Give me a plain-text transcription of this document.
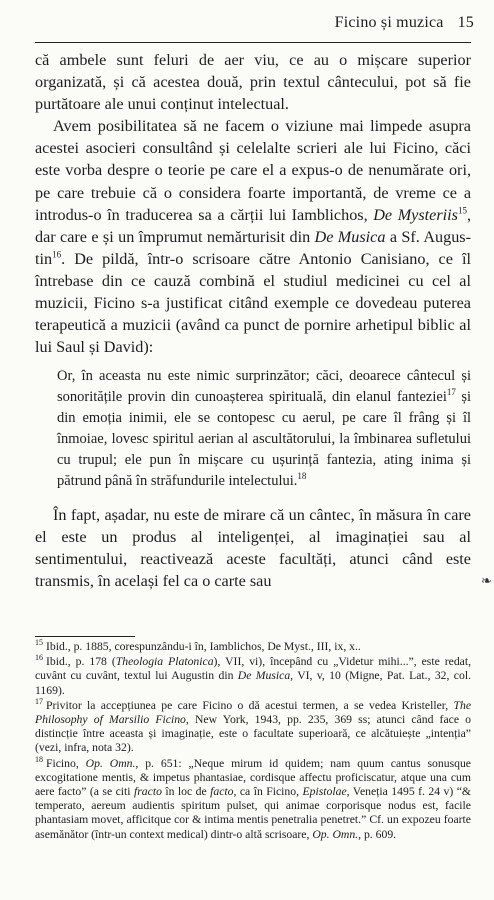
Ficino și muzica 15

că ambele sunt feluri de aer viu, ce au o mișcare superior organizată, și că acestea două, prin textul cântecului, pot să fie purtătoare ale unui conținut intelectual.

Avem posibilitatea să ne facem o viziune mai limpede asupra acestei asocieri consultând și celelalte scrieri ale lui Ficino, căci este vorba despre o teorie pe care el a expus-o de nenumărate ori, pe care trebuie că o considera foarte importantă, de vreme ce a introdus-o în traducerea sa a cărții lui Iamblichos, De Mysteriis$^{15}$, dar care e și un împrumut nemărturisit din De Musica a Sf. Augustin$^{16}$. De pildă, într-o scrisoare către Antonio Canisiano, ce îl întrebase din ce cauză combină el studiul medicinei cu cel al muzicii, Ficino s-a justificat citând exemple ce dovedeau puterea terapeutică a muzicii (având ca punct de pornire arhetipul biblic al lui Saul și David):

Or, în aceasta nu este nimic surprinzător; căci, deoarece cântecul și sonoritățile provin din cunoașterea spirituală, din elanul fanteziei$^{17}$ și din emoția inimii, ele se contopesc cu aerul, pe care îl frâng și îl înmoiae, lovesc spiritul aerian al ascultătorului, la îmbinarea sufletului cu trupul; ele pun în mișcare cu ușurință fantezia, ating inima și pătrund până în străfundurile intelectului.$^{18}$

În fapt, așadar, nu este de mirare că un cântec, în măsura în care el este un produs al inteligenței, al imaginației sau al sentimentului, reactivează aceste facultăți, atunci când este transmis, în același fel ca o carte sau	❧

$^{15}$ Ibid., p. 1885, corespunzându-i în, Iamblichos, De Myst., III, ix, x..

$^{16}$ Ibid., p. 178 (Theologia Platonica), VII, vi), începând cu „Videtur mihi...”, este redat, cuvânt cu cuvânt, textul lui Augustin din De Musica, VI, v, 10 (Migne, Pat. Lat., 32, col. 1169).

$^{17}$ Privitor la accepțiunea pe care Ficino o dă acestui termen, a se vedea Kristeller, The Philosophy of Marsilio Ficino, New York, 1943, pp. 235, 369 ss; atunci când face o distincție între aceasta și imaginație, este o facultate superioară, ce alcătuiește „intenția” (vezi, infra, nota 32).

$^{18}$ Ficino, Op. Omn., p. 651: „Neque mirum id quidem; nam quum cantus sonusque excogitatione mentis, & impetus phantasiae, cordisque affectu proficiscatur, atque una cum aere facto” (a se citi fracto în loc de facto, ca în Ficino, Epistolae, Veneția 1495 f. 24 v) “& temperato, aereum audientis spiritum pulset, qui animae corporisque nodus est, facile phantasiam movet, afficitque cor & intima mentis penetralia penetret.” Cf. un expozeu foarte asemănător (într-un context medical) dintr-o altă scrisoare, Op. Omn., p. 609.
